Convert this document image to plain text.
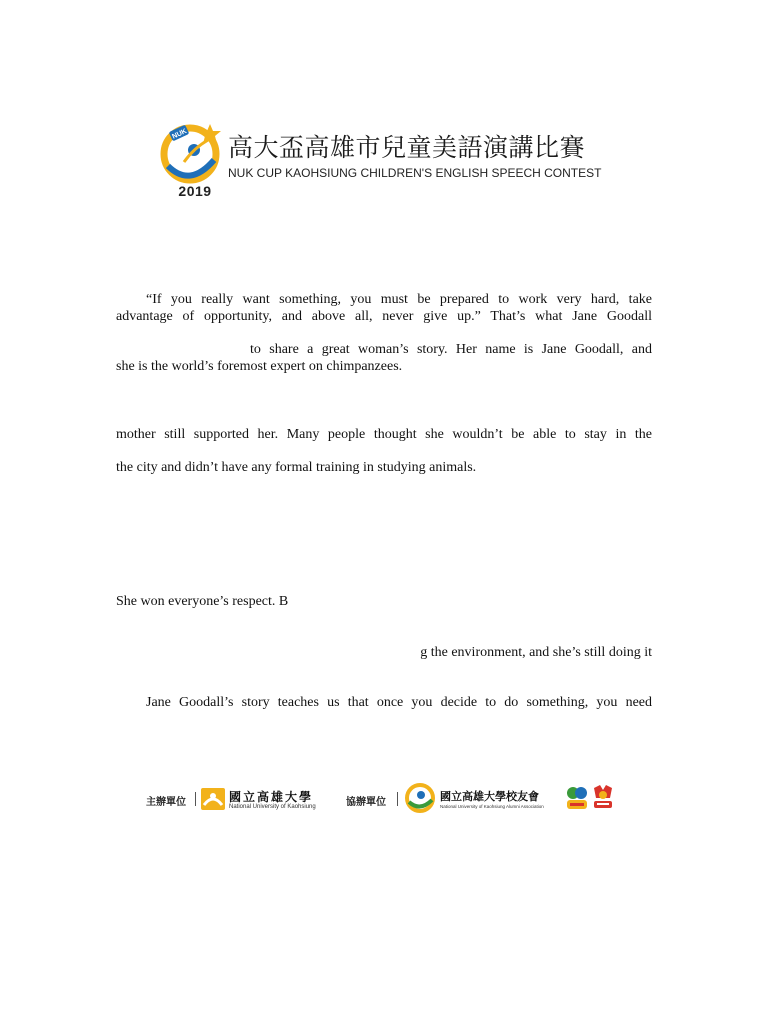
NUK
2019
高大盃高雄市兒童美語演講比賽
NUK CUP KAOHSIUNG CHILDREN'S ENGLISH SPEECH CONTEST
“If you really want something, you must be prepared to work very hard, take
advantage of opportunity, and above all, never give up.” That’s what Jane Goodall
to share a great woman’s story. Her name is Jane Goodall, and
she is the world’s foremost expert on chimpanzees.
mother still supported her. Many people thought she wouldn’t be able to stay in the
the city and didn’t have any formal training in studying animals.
She won everyone’s respect. B
g the environment, and she’s still doing it
Jane Goodall’s story teaches us that once you decide to do something, you need
主辦單位	國立高雄大學
National University of Kaohsiung	協辦單位	國立高雄大學校友會
National University of Kaohsiung Alumni Association
